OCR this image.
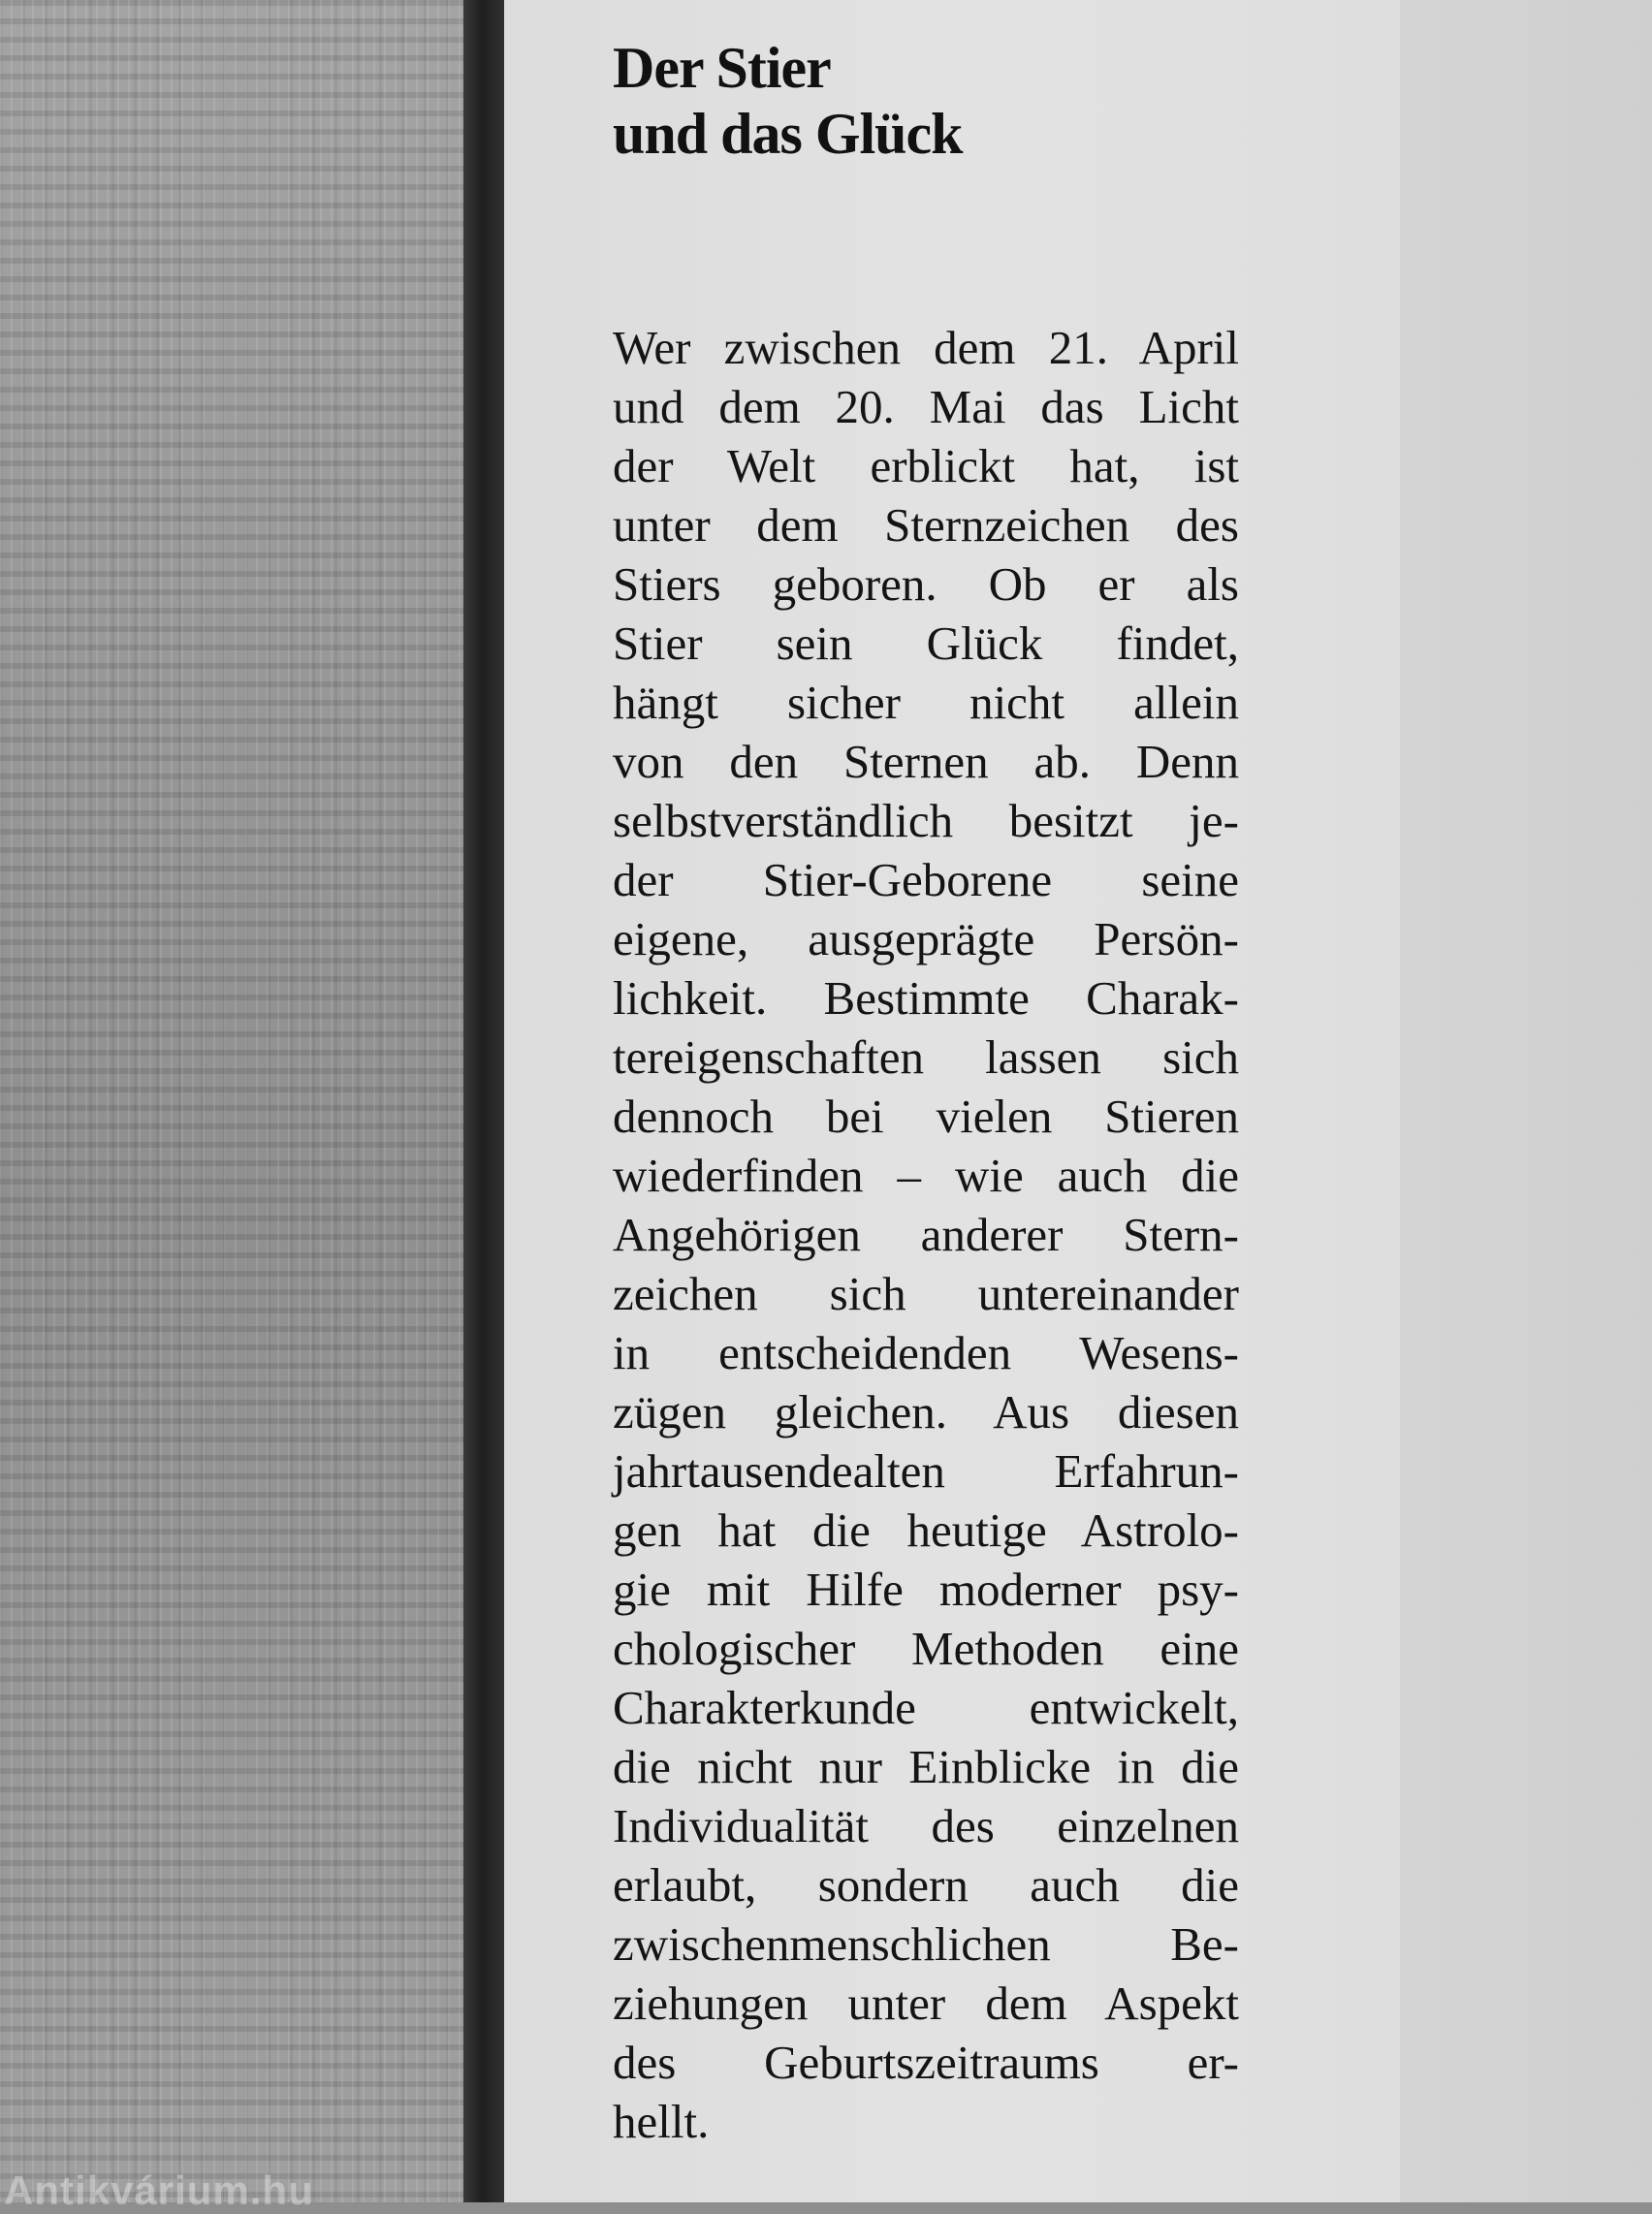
Antikvárium.hu
Der Stier
und das Glück
Wer zwischen dem 21. April
und dem 20. Mai das Licht
der Welt erblickt hat, ist
unter dem Sternzeichen des
Stiers geboren. Ob er als
Stier sein Glück findet,
hängt sicher nicht allein
von den Sternen ab. Denn
selbstverständlich besitzt je-
der Stier-Geborene seine
eigene, ausgeprägte Persön-
lichkeit. Bestimmte Charak-
tereigenschaften lassen sich
dennoch bei vielen Stieren
wiederfinden – wie auch die
Angehörigen anderer Stern-
zeichen sich untereinander
in entscheidenden Wesens-
zügen gleichen. Aus diesen
jahrtausendealten Erfahrun-
gen hat die heutige Astrolo-
gie mit Hilfe moderner psy-
chologischer Methoden eine
Charakterkunde entwickelt,
die nicht nur Einblicke in die
Individualität des einzelnen
erlaubt, sondern auch die
zwischenmenschlichen Be-
ziehungen unter dem Aspekt
des Geburtszeitraums er-
hellt.
